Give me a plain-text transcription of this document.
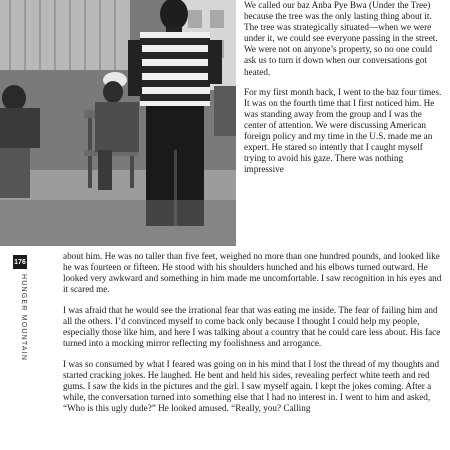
We called our baz Anba Pye Bwa (Under the Tree) because the tree was the only lasting thing about it. The tree was strategically situated—when we were under it, we could see everyone passing in the street. We were not on anyone’s property, so no one could ask us to turn it down when our conversations got heated.

For my first month back, I went to the baz four times. It was on the fourth time that I first noticed him. He was standing away from the group and I was the center of attention. We were discussing American foreign policy and my time in the U.S. made me an expert. He stared so intently that I caught myself trying to avoid his gaze. There was nothing impressive

176
HUNGER MOUNTAIN

about him. He was no taller than five feet, weighed no more than one hundred pounds, and looked like he was fourteen or fifteen. He stood with his shoulders hunched and his elbows turned outward. He looked very awkward and something in him made me uncomfortable. I saw recognition in his eyes and it scared me.

I was afraid that he would see the irrational fear that was eating me inside. The fear of failing him and all the others. I’d convinced myself to come back only because I thought I could help my people, especially those like him, and here I was talking about a country that he could care less about. His face turned into a mocking mirror reflecting my foolishness and arrogance.

I was so consumed by what I feared was going on in his mind that I lost the thread of my thoughts and started cracking jokes. He laughed. He bent and held his sides, revealing perfect white teeth and red gums. I saw the kids in the pictures and the girl. I saw myself again. I kept the jokes coming. After a while, the conversation turned into something else that I had no interest in. I went to him and asked, “Who is this ugly dude?” He looked amused. “Really, you? Calling
